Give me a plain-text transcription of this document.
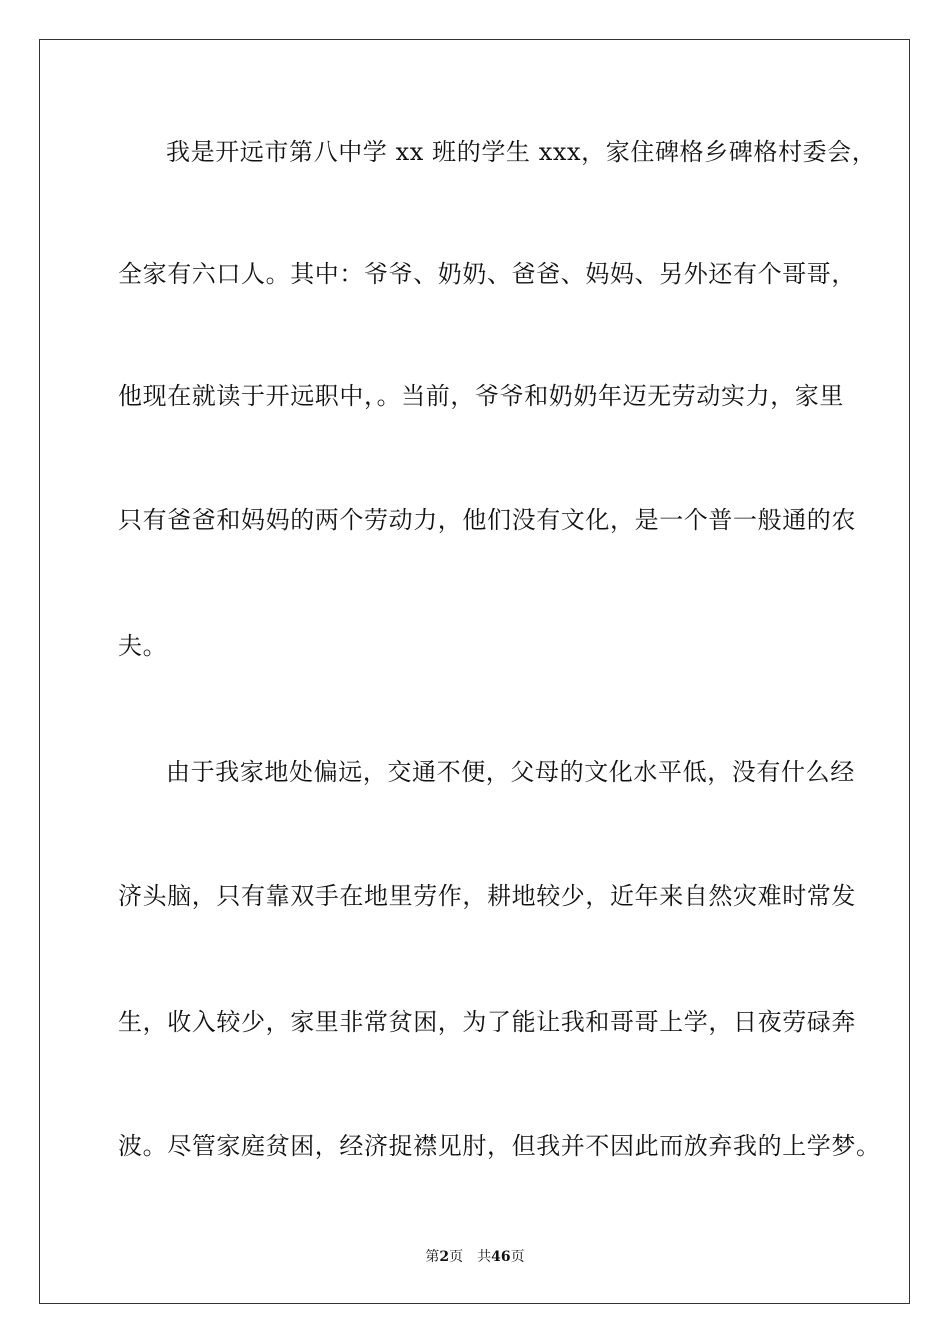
我是开远市第八中学 xx 班的学生 xxx，家住碑格乡碑格村委会，
全家有六口人。其中：爷爷、奶奶、爸爸、妈妈、另外还有个哥哥，
他现在就读于开远职中，。当前，爷爷和奶奶年迈无劳动实力，家里
只有爸爸和妈妈的两个劳动力，他们没有文化，是一个普一般通的农
夫。
由于我家地处偏远，交通不便，父母的文化水平低，没有什么经
济头脑，只有靠双手在地里劳作，耕地较少，近年来自然灾难时常发
生，收入较少，家里非常贫困，为了能让我和哥哥上学，日夜劳碌奔
波。尽管家庭贫困，经济捉襟见肘，但我并不因此而放弃我的上学梦。
第2页 共46页
